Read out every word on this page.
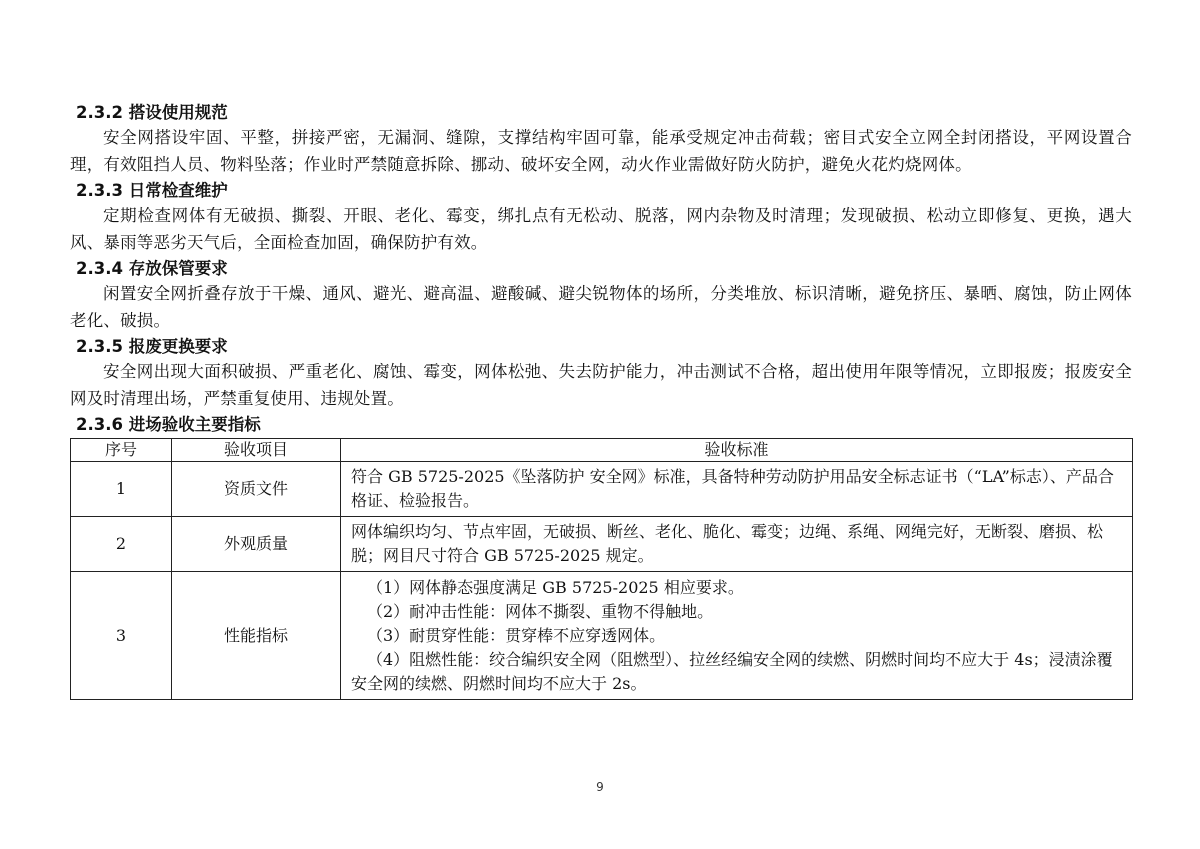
2.3.2 搭设使用规范
安全网搭设牢固、平整，拼接严密，无漏洞、缝隙，支撑结构牢固可靠，能承受规定冲击荷载；密目式安全立网全封闭搭设，平网设置合理，有效阻挡人员、物料坠落；作业时严禁随意拆除、挪动、破坏安全网，动火作业需做好防火防护，避免火花灼烧网体。
2.3.3 日常检查维护
定期检查网体有无破损、撕裂、开眼、老化、霉变，绑扎点有无松动、脱落，网内杂物及时清理；发现破损、松动立即修复、更换，遇大风、暴雨等恶劣天气后，全面检查加固，确保防护有效。
2.3.4 存放保管要求
闲置安全网折叠存放于干燥、通风、避光、避高温、避酸碱、避尖锐物体的场所，分类堆放、标识清晰，避免挤压、暴晒、腐蚀，防止网体老化、破损。
2.3.5 报废更换要求
安全网出现大面积破损、严重老化、腐蚀、霉变，网体松弛、失去防护能力，冲击测试不合格，超出使用年限等情况，立即报废；报废安全网及时清理出场，严禁重复使用、违规处置。
2.3.6 进场验收主要指标
序号	验收项目	验收标准
1	资质文件	符合 GB 5725-2025《坠落防护 安全网》标准，具备特种劳动防护用品安全标志证书（“LA”标志）、产品合格证、检验报告。

2	外观质量	网体编织均匀、节点牢固，无破损、断丝、老化、脆化、霉变；边绳、系绳、网绳完好，无断裂、磨损、松脱；网目尺寸符合 GB 5725-2025 规定。

3	性能指标	（1）网体静态强度满足 GB 5725-2025 相应要求。
（2）耐冲击性能：网体不撕裂、重物不得触地。
（3）耐贯穿性能：贯穿棒不应穿透网体。
（4）阻燃性能：绞合编织安全网（阻燃型）、拉丝经编安全网的续燃、阴燃时间均不应大于 4s；浸渍涂覆安全网的续燃、阴燃时间均不应大于 2s。
9
